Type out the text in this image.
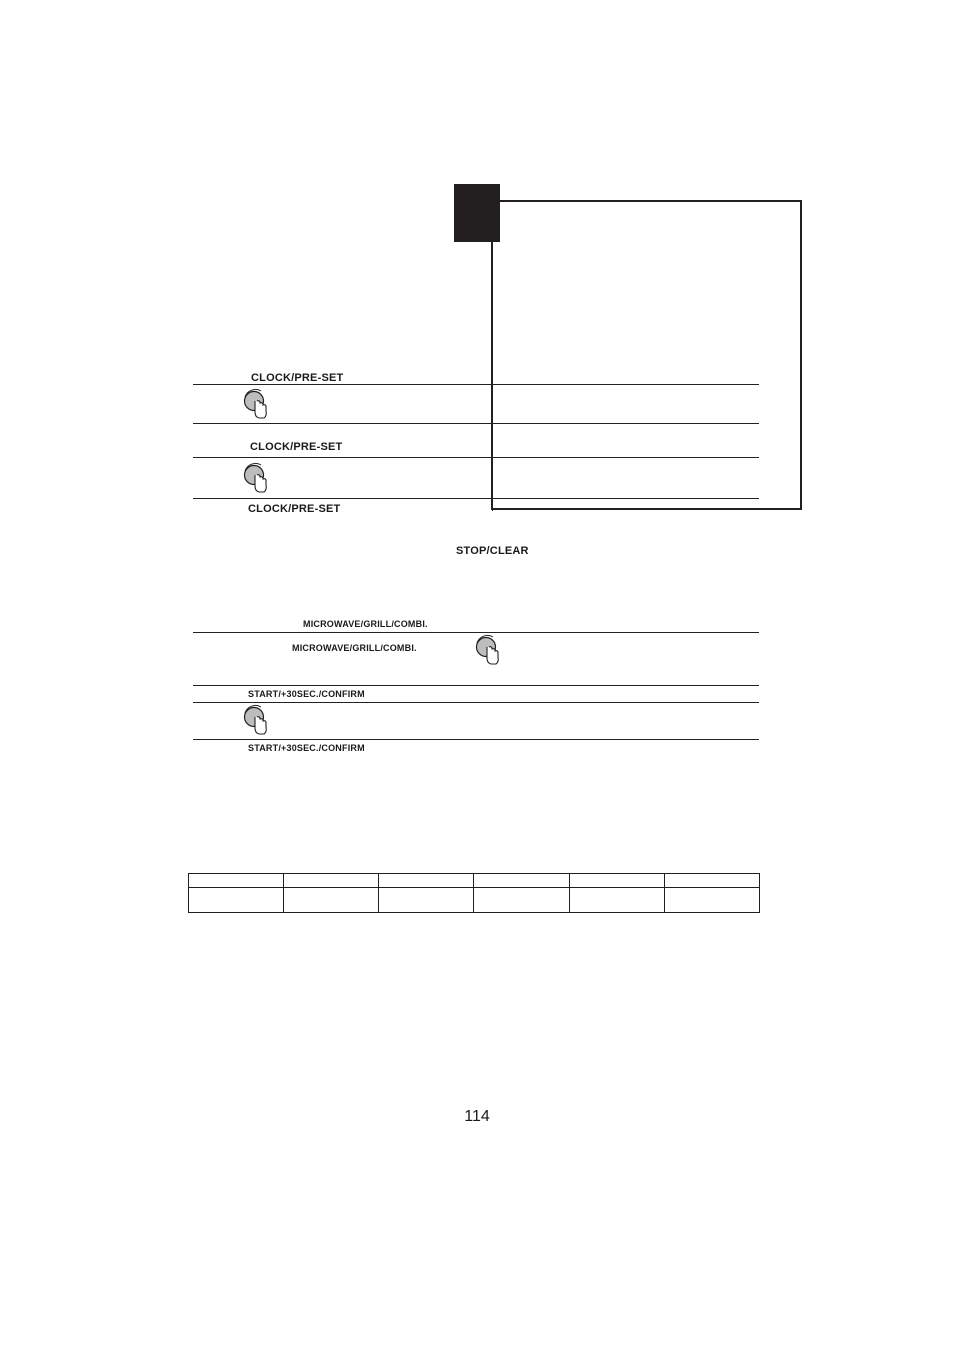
CLOCK/PRE-SET
CLOCK/PRE-SET
CLOCK/PRE-SET
STOP/CLEAR
MICROWAVE/GRILL/COMBI.
MICROWAVE/GRILL/COMBI.
START/+30SEC./CONFIRM
START/+30SEC./CONFIRM

114
